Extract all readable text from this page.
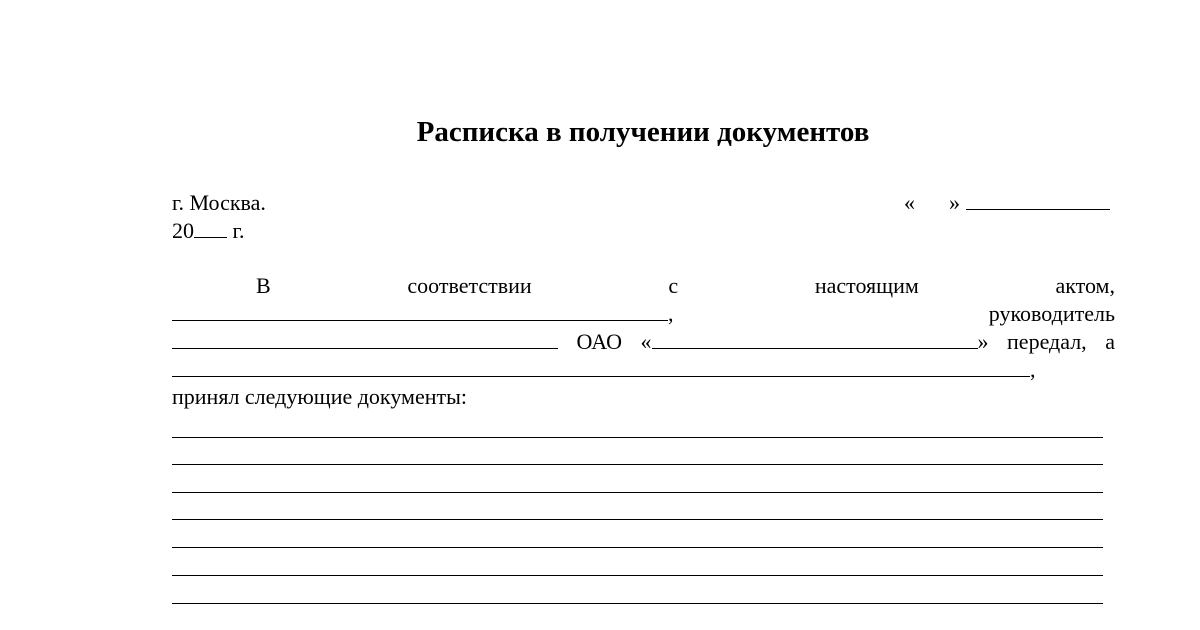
Расписка в получении документов
г. Москва.	« »
20 г.
В	соответствии	с	настоящим	актом,
,	руководитель
ОАО «	» передал, а
,
принял следующие документы:
